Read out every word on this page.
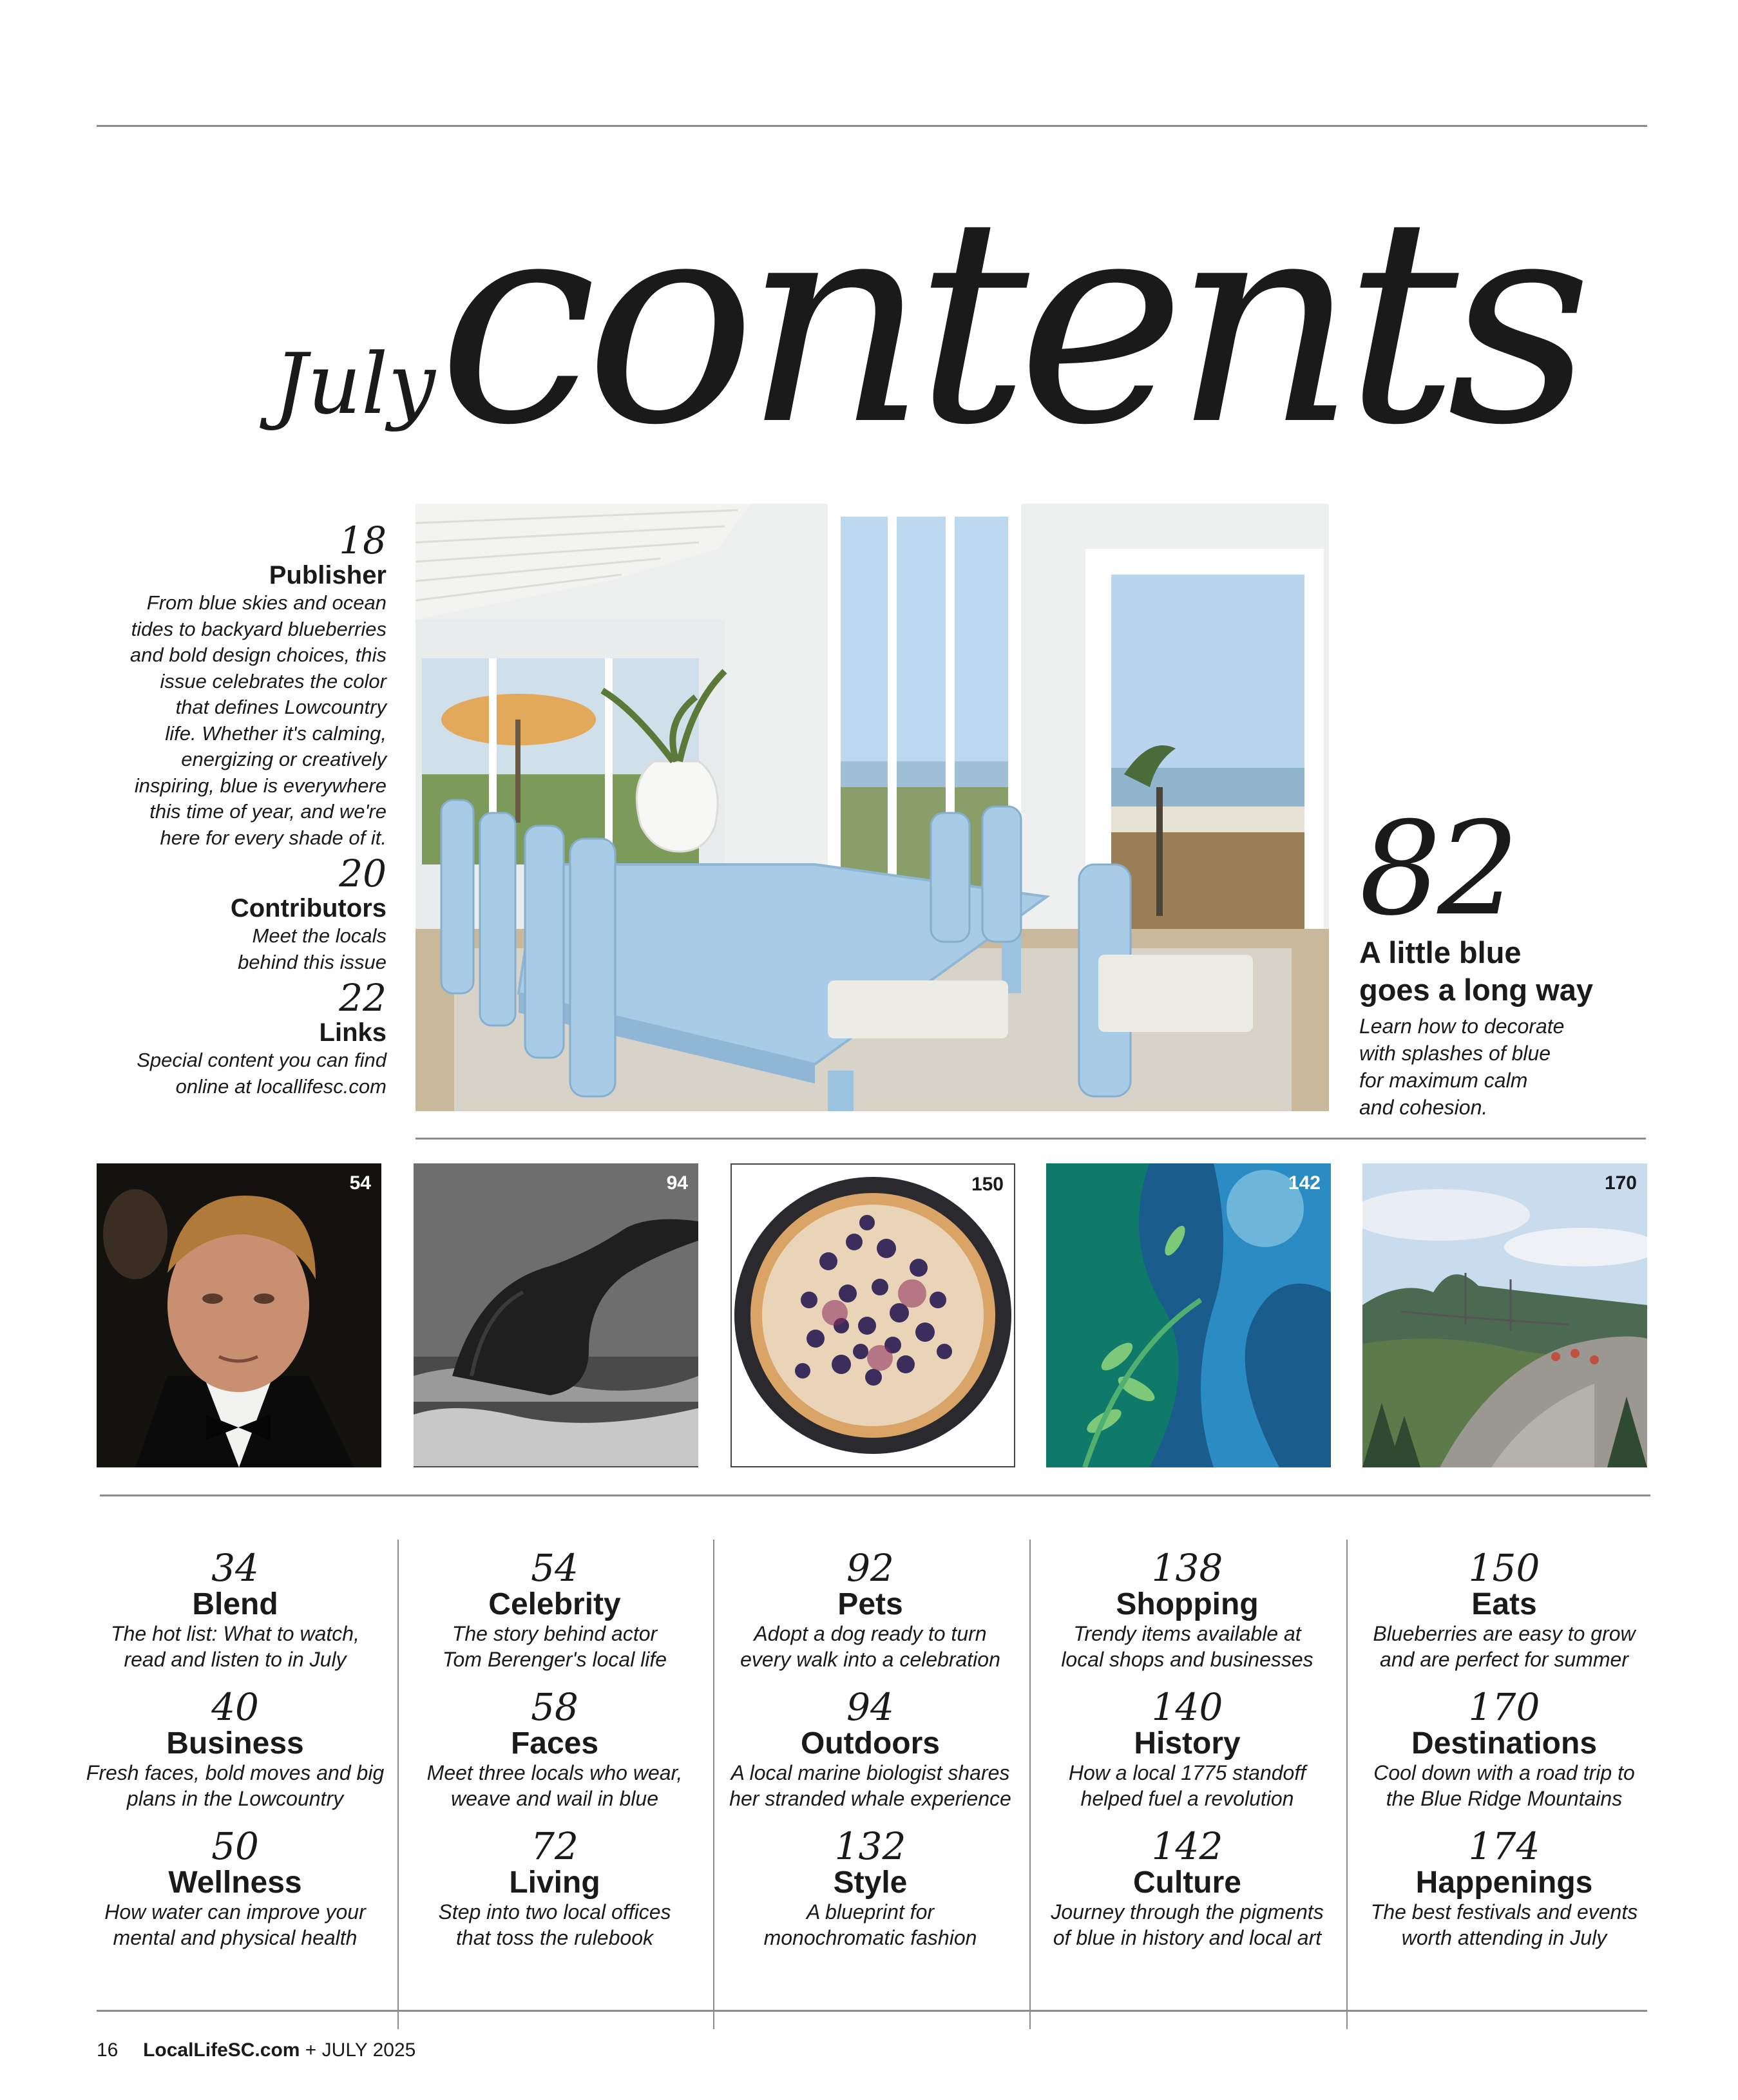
July contents
18
Publisher
From blue skies and ocean
tides to backyard blueberries
and bold design choices, this
issue celebrates the color
that defines Lowcountry
life. Whether it's calming,
energizing or creatively
inspiring, blue is everywhere
this time of year, and we're
here for every shade of it.
20
Contributors
Meet the locals
behind this issue
22
Links
Special content you can find
online at locallifesc.com
82
A little blue
goes a long way
Learn how to decorate
with splashes of blue
for maximum calm
and cohesion.
54	94	150	142	170
34
Blend
The hot list: What to watch,
read and listen to in July
40
Business
Fresh faces, bold moves and big
plans in the Lowcountry
50
Wellness
How water can improve your
mental and physical health
54
Celebrity
The story behind actor
Tom Berenger's local life
58
Faces
Meet three locals who wear,
weave and wail in blue
72
Living
Step into two local offices
that toss the rulebook
92
Pets
Adopt a dog ready to turn
every walk into a celebration
94
Outdoors
A local marine biologist shares
her stranded whale experience
132
Style
A blueprint for
monochromatic fashion
138
Shopping
Trendy items available at
local shops and businesses
140
History
How a local 1775 standoff
helped fuel a revolution
142
Culture
Journey through the pigments
of blue in history and local art
150
Eats
Blueberries are easy to grow
and are perfect for summer
170
Destinations
Cool down with a road trip to
the Blue Ridge Mountains
174
Happenings
The best festivals and events
worth attending in July
16 LocalLifeSC.com + JULY 2025
